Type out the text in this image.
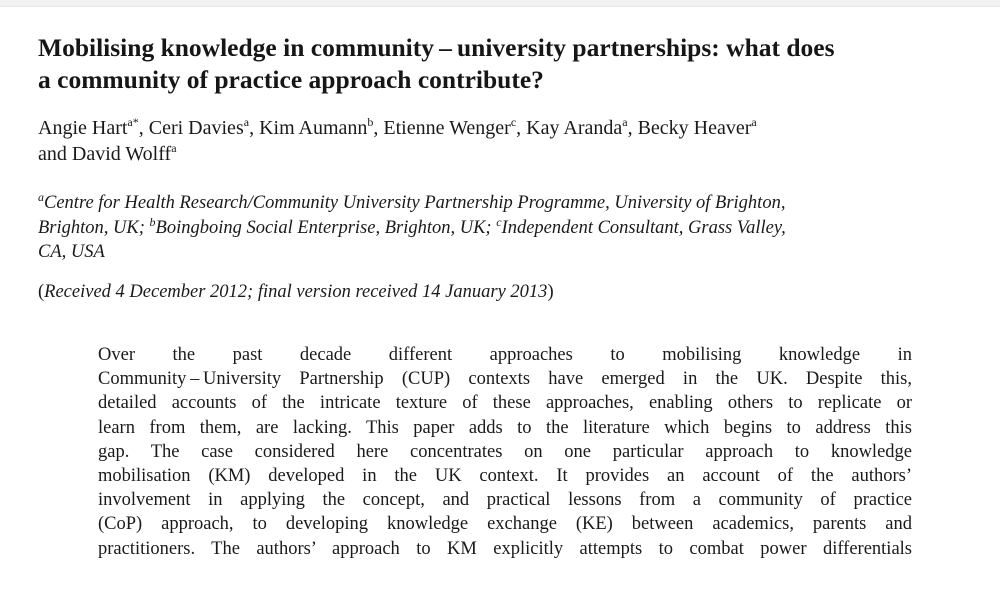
Mobilising knowledge in community – university partnerships: what does
a community of practice approach contribute?
Angie Hart$^{a*}$, Ceri Davies$^a$, Kim Aumann$^b$, Etienne Wenger$^c$, Kay Aranda$^a$, Becky Heaver$^a$
and David Wolff$^a$
$^a$Centre for Health Research/Community University Partnership Programme, University of Brighton,
Brighton, UK; $^b$Boingboing Social Enterprise, Brighton, UK; $^c$Independent Consultant, Grass Valley,
CA, USA
(Received 4 December 2012; final version received 14 January 2013)
Over the past decade different approaches to mobilising knowledge in
Community – University Partnership (CUP) contexts have emerged in the UK. Despite this,
detailed accounts of the intricate texture of these approaches, enabling others to replicate or
learn from them, are lacking. This paper adds to the literature which begins to address this
gap. The case considered here concentrates on one particular approach to knowledge
mobilisation (KM) developed in the UK context. It provides an account of the authors’
involvement in applying the concept, and practical lessons from a community of practice
(CoP) approach, to developing knowledge exchange (KE) between academics, parents and
practitioners. The authors’ approach to KM explicitly attempts to combat power differentials
